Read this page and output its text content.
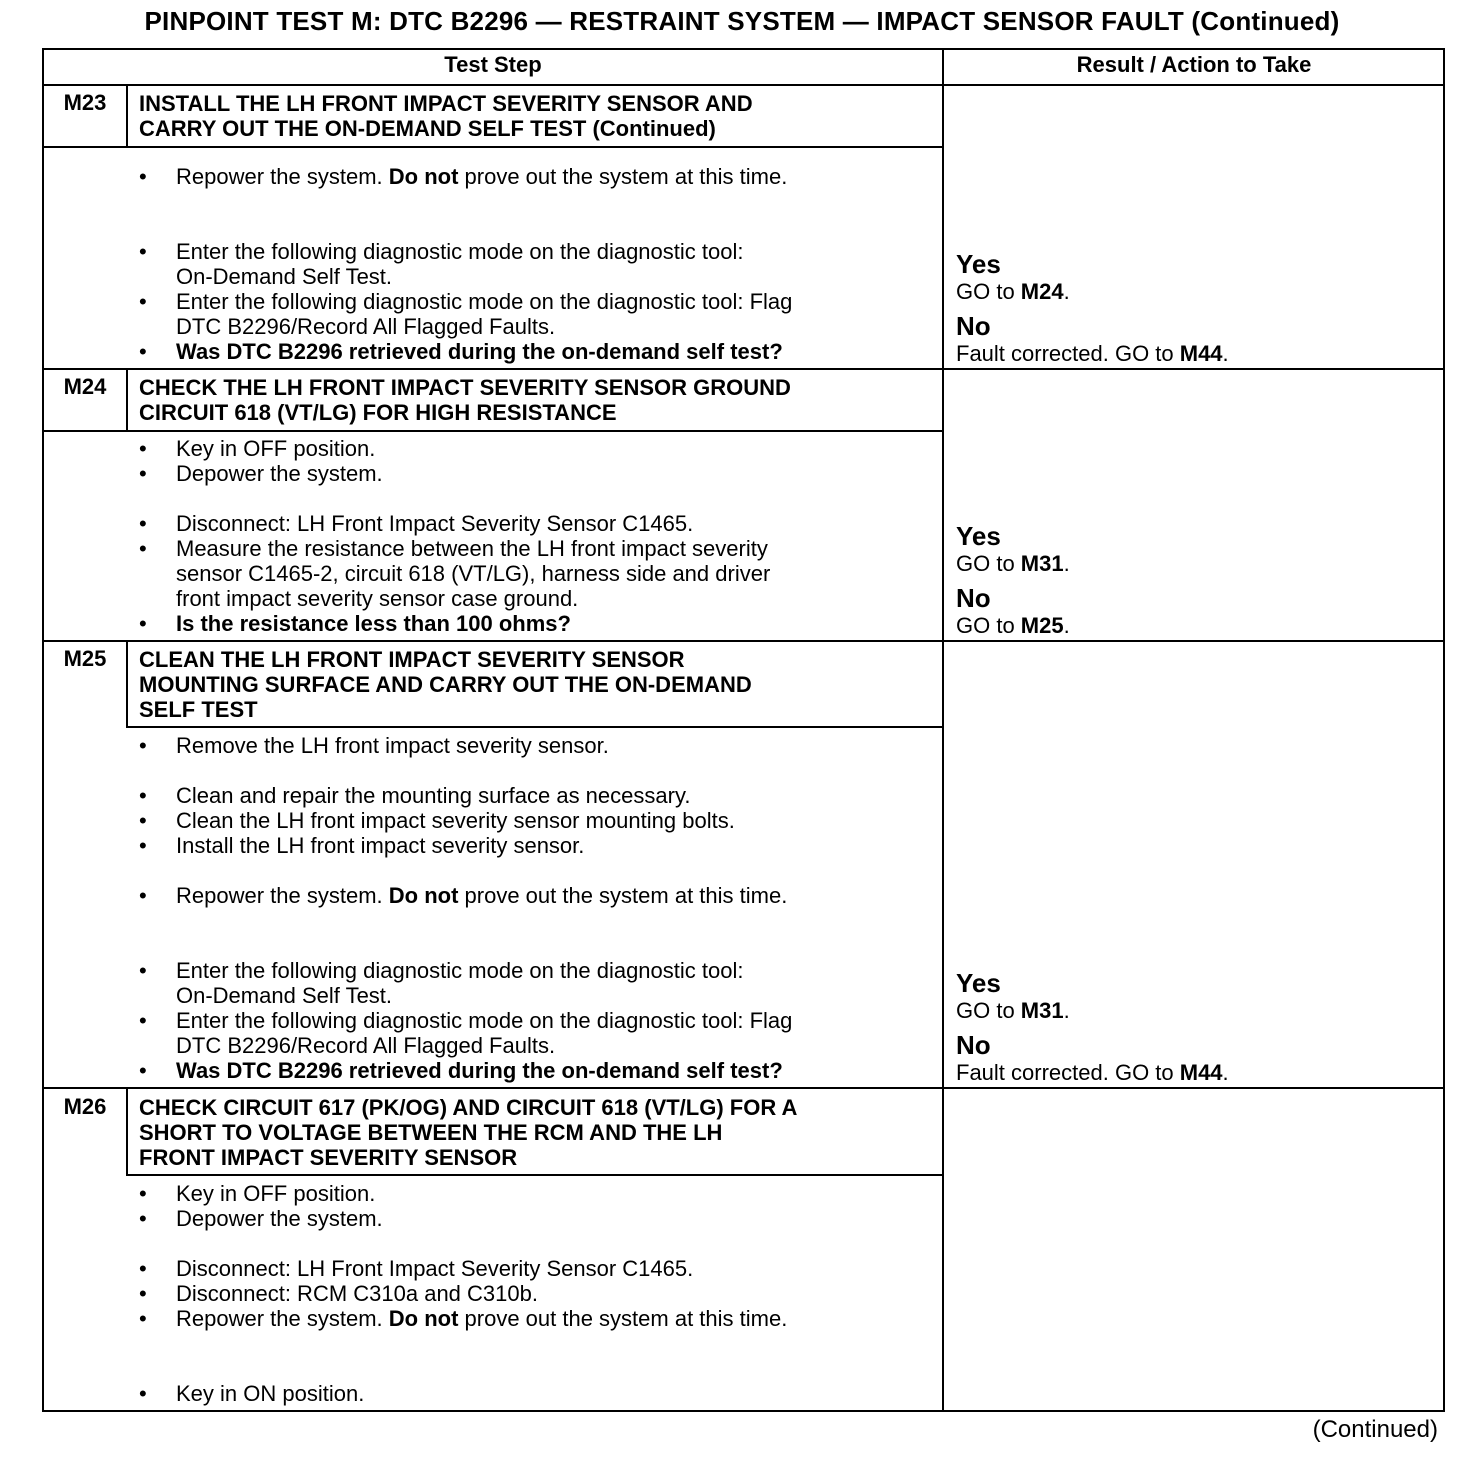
PINPOINT TEST M: DTC B2296 — RESTRAINT SYSTEM — IMPACT SENSOR FAULT (Continued)
Test Step	Result / Action to Take
M23	INSTALL THE LH FRONT IMPACT SEVERITY SENSOR AND
CARRY OUT THE ON-DEMAND SELF TEST (Continued)
• Repower the system. Do not prove out the system at this time.
• Enter the following diagnostic mode on the diagnostic tool:
On-Demand Self Test.
• Enter the following diagnostic mode on the diagnostic tool: Flag
DTC B2296/Record All Flagged Faults.
• Was DTC B2296 retrieved during the on-demand self test?
Yes
GO to M24.
No
Fault corrected. GO to M44.
M24	CHECK THE LH FRONT IMPACT SEVERITY SENSOR GROUND
CIRCUIT 618 (VT/LG) FOR HIGH RESISTANCE
• Key in OFF position.
• Depower the system.
• Disconnect: LH Front Impact Severity Sensor C1465.
• Measure the resistance between the LH front impact severity
sensor C1465-2, circuit 618 (VT/LG), harness side and driver
front impact severity sensor case ground.
• Is the resistance less than 100 ohms?
Yes
GO to M31.
No
GO to M25.
M25	CLEAN THE LH FRONT IMPACT SEVERITY SENSOR
MOUNTING SURFACE AND CARRY OUT THE ON-DEMAND
SELF TEST
• Remove the LH front impact severity sensor.
• Clean and repair the mounting surface as necessary.
• Clean the LH front impact severity sensor mounting bolts.
• Install the LH front impact severity sensor.
• Repower the system. Do not prove out the system at this time.
• Enter the following diagnostic mode on the diagnostic tool:
On-Demand Self Test.
• Enter the following diagnostic mode on the diagnostic tool: Flag
DTC B2296/Record All Flagged Faults.
• Was DTC B2296 retrieved during the on-demand self test?
Yes
GO to M31.
No
Fault corrected. GO to M44.
M26	CHECK CIRCUIT 617 (PK/OG) AND CIRCUIT 618 (VT/LG) FOR A
SHORT TO VOLTAGE BETWEEN THE RCM AND THE LH
FRONT IMPACT SEVERITY SENSOR
• Key in OFF position.
• Depower the system.
• Disconnect: LH Front Impact Severity Sensor C1465.
• Disconnect: RCM C310a and C310b.
• Repower the system. Do not prove out the system at this time.
• Key in ON position.
(Continued)
